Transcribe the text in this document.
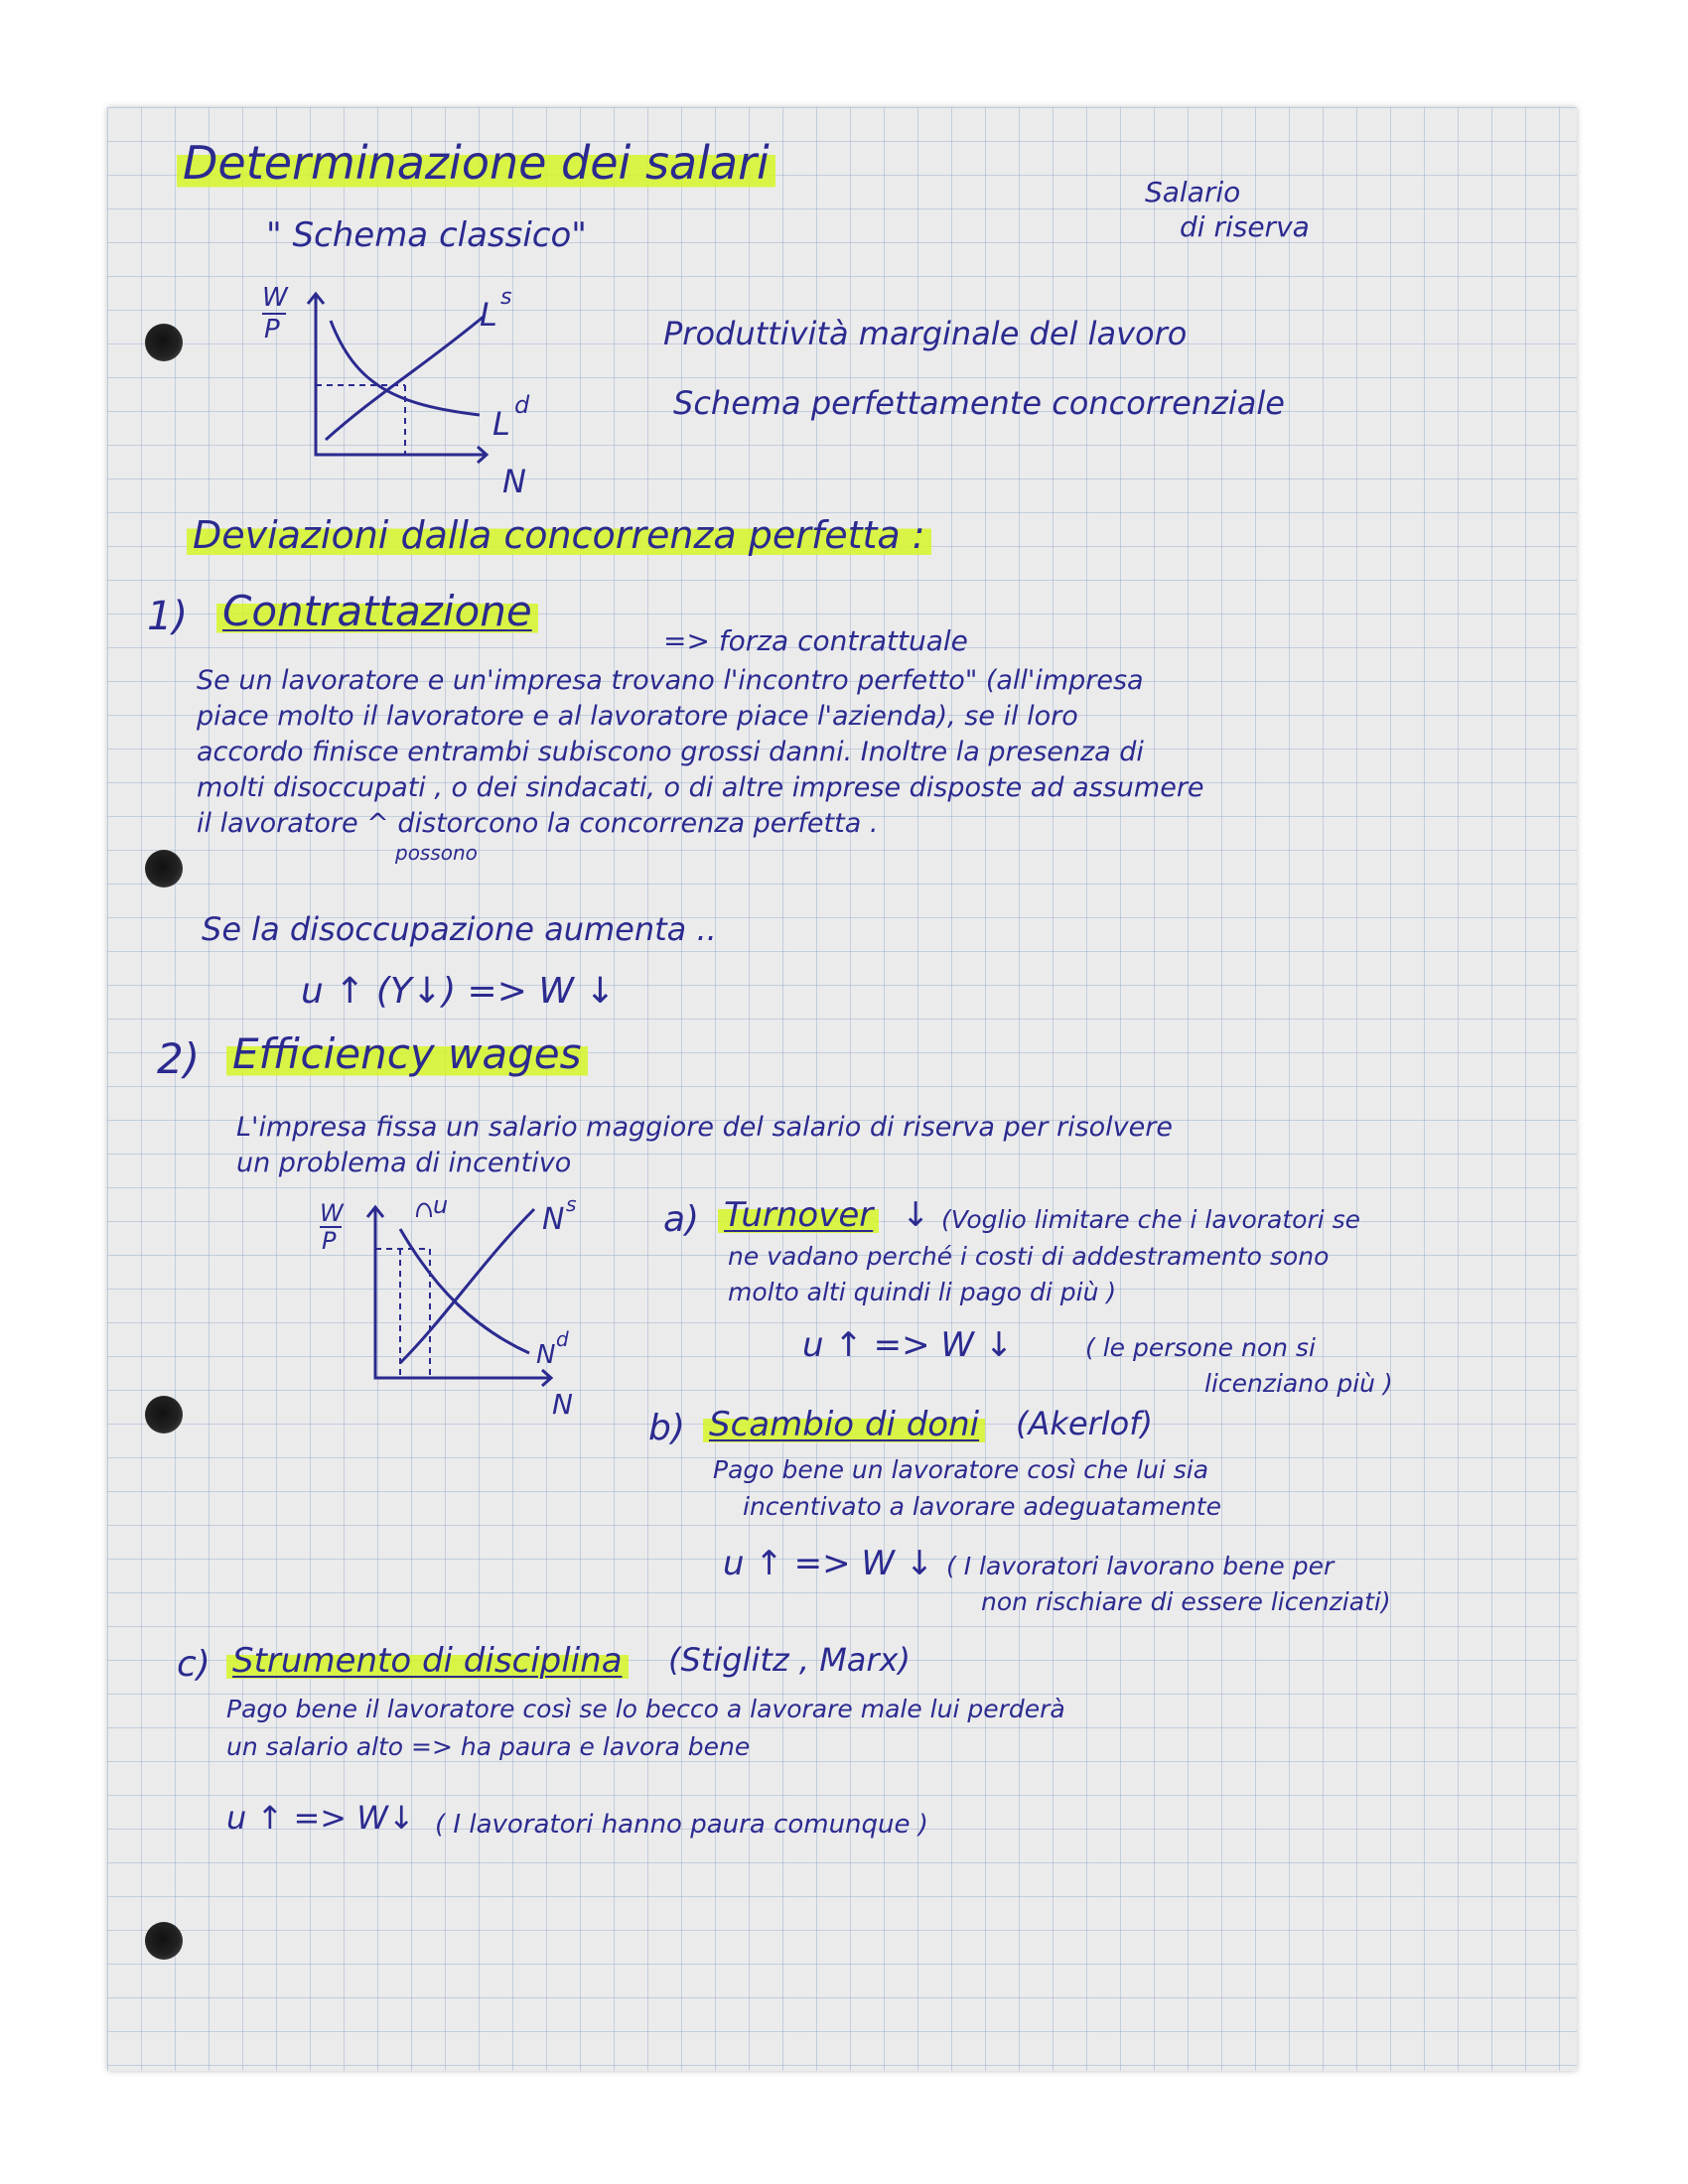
Determinazione dei salari
" Schema classico"
Salario
di riserva
W
P
N
L s
L d
Produttività marginale del lavoro
Schema perfettamente concorrenziale
Deviazioni dalla concorrenza perfetta :
1) Contrattazione
=> forza contrattuale
Se un lavoratore e un'impresa trovano l'incontro perfetto" (all'impresa
piace molto il lavoratore e al lavoratore piace l'azienda), se il loro
accordo finisce entrambi subiscono grossi danni. Inoltre la presenza di
molti disoccupati , o dei sindacati, o di altre imprese disposte ad assumere
il lavoratore ^ distorcono la concorrenza perfetta .
possono
Se la disoccupazione aumenta ..
u ↑ (Y↓) => W ↓
2) Efficiency wages
L'impresa fissa un salario maggiore del salario di riserva per risolvere
un problema di incentivo
W
P
u	N s
N
d
N
a) Turnover ↓ (Voglio limitare che i lavoratori se
ne vadano perché i costi di addestramento sono
molto alti quindi li pago di più )
u ↑ => W ↓	( le persone non si
licenziano più )
b) Scambio di doni (Akerlof)
Pago bene un lavoratore così che lui sia
incentivato a lavorare adeguatamente
u ↑ => W ↓ ( I lavoratori lavorano bene per
non rischiare di essere licenziati)
c) Strumento di disciplina (Stiglitz , Marx)
Pago bene il lavoratore così se lo becco a lavorare male lui perderà
un salario alto => ha paura e lavora bene
u ↑ => W↓ ( I lavoratori hanno paura comunque )
